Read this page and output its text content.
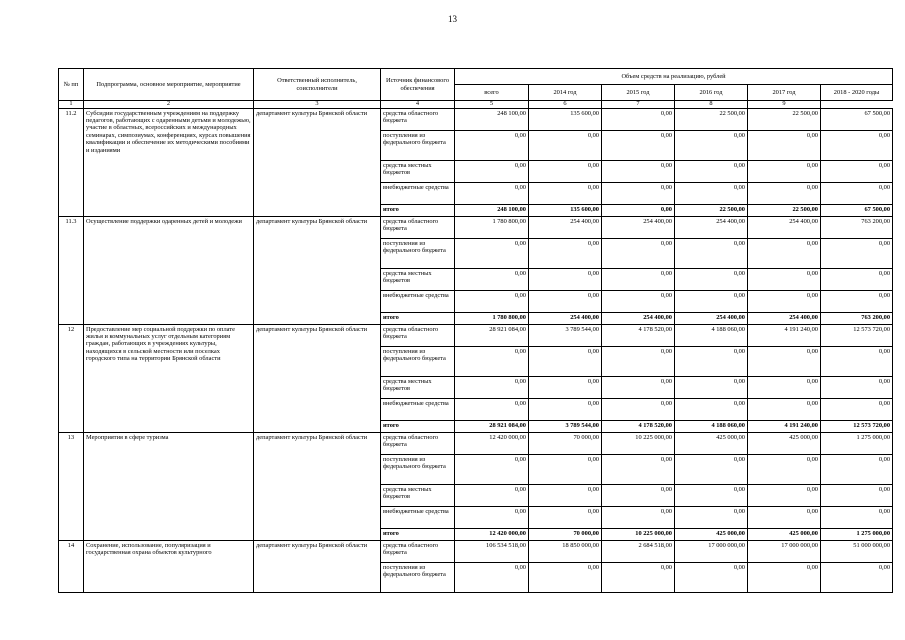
13
№ пп	Подпрограмма, основное мероприятие, мероприятие	Ответственный исполнитель, соисполнители	Источник финансового обеспечения	Объем средств на реализацию, рублей					
				всего	2014 год	2015 год	2016 год	2017 год	2018 - 2020 годы
1	2	3	4	5	6	7	8	9	
11.2	Субсидии государственным учреждениям на поддержку педагогов, работающих с одаренными детьми и молодежью, участие в областных, всероссийских и международных семинарах, симпозиумах, конференциях, курсах повышения квалификации и обеспечение их методическими пособиями и изданиями	департамент культуры Брянской области	средства областного бюджета	248 100,00	135 600,00	0,00	22 500,00	22 500,00	67 500,00
			поступления из федерального бюджета	0,00	0,00	0,00	0,00	0,00	0,00
			средства местных бюджетов	0,00	0,00	0,00	0,00	0,00	0,00
			внебюджетные средства	0,00	0,00	0,00	0,00	0,00	0,00
			итого	248 100,00	135 600,00	0,00	22 500,00	22 500,00	67 500,00
11.3	Осуществление поддержки одаренных детей и молодежи	департамент культуры Брянской области	средства областного бюджета	1 780 800,00	254 400,00	254 400,00	254 400,00	254 400,00	763 200,00
			поступления из федерального бюджета	0,00	0,00	0,00	0,00	0,00	0,00
			средства местных бюджетов	0,00	0,00	0,00	0,00	0,00	0,00
			внебюджетные средства	0,00	0,00	0,00	0,00	0,00	0,00
			итого	1 780 800,00	254 400,00	254 400,00	254 400,00	254 400,00	763 200,00
12	Предоставление мер социальной поддержки по оплате жилья и коммунальных услуг отдельным категориям граждан, работающих в учреждениях культуры, находящихся в сельской местности или поселках городского типа на территории Брянской области	департамент культуры Брянской области	средства областного бюджета	28 921 084,00	3 789 544,00	4 178 520,00	4 188 060,00	4 191 240,00	12 573 720,00
			поступления из федерального бюджета	0,00	0,00	0,00	0,00	0,00	0,00
			средства местных бюджетов	0,00	0,00	0,00	0,00	0,00	0,00
			внебюджетные средства	0,00	0,00	0,00	0,00	0,00	0,00
			итого	28 921 084,00	3 789 544,00	4 178 520,00	4 188 060,00	4 191 240,00	12 573 720,00
13	Мероприятия в сфере туризма	департамент культуры Брянской области	средства областного бюджета	12 420 000,00	70 000,00	10 225 000,00	425 000,00	425 000,00	1 275 000,00
			поступления из федерального бюджета	0,00	0,00	0,00	0,00	0,00	0,00
			средства местных бюджетов	0,00	0,00	0,00	0,00	0,00	0,00
			внебюджетные средства	0,00	0,00	0,00	0,00	0,00	0,00
			итого	12 420 000,00	70 000,00	10 225 000,00	425 000,00	425 000,00	1 275 000,00
14	Сохранение, использование, популяризация и государственная охрана объектов культурного	департамент культуры Брянской области	средства областного бюджета	106 534 518,00	18 850 000,00	2 684 518,00	17 000 000,00	17 000 000,00	51 000 000,00
			поступления из федерального бюджета	0,00	0,00	0,00	0,00	0,00	0,00
